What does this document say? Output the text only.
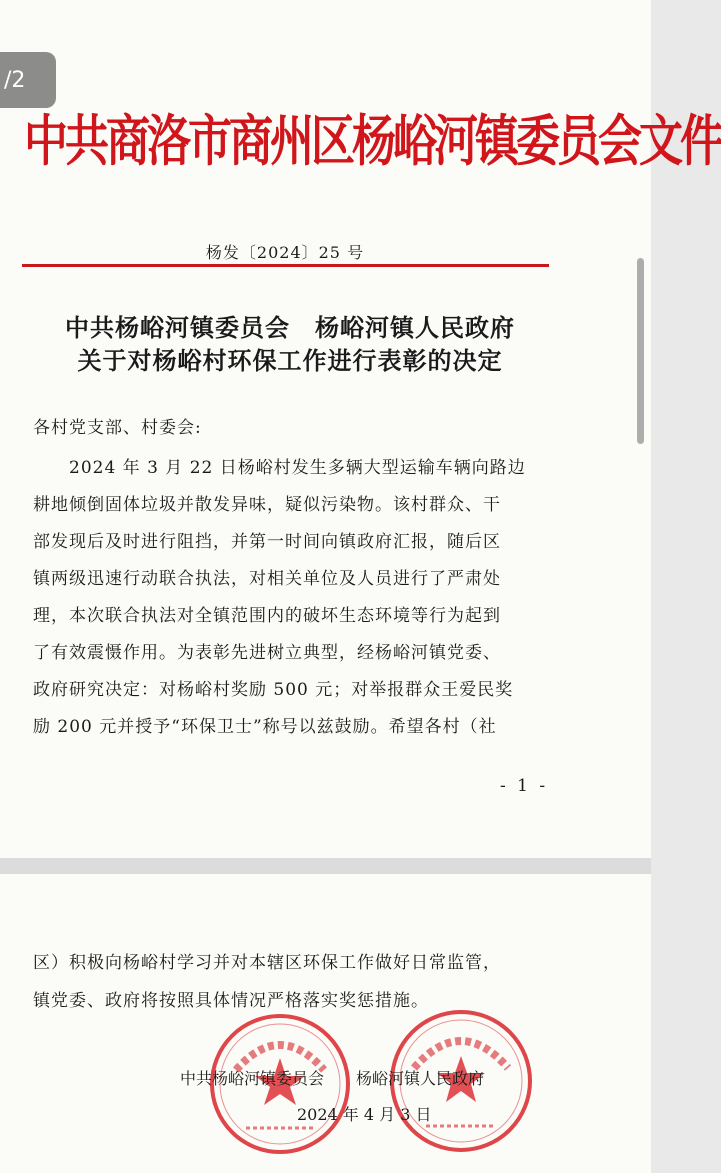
/2
中共商洛市商州区杨峪河镇委员会文件
杨发〔2024〕25 号
中共杨峪河镇委员会　杨峪河镇人民政府
关于对杨峪村环保工作进行表彰的决定
各村党支部、村委会:
　　2024 年 3 月 22 日杨峪村发生多辆大型运输车辆向路边
耕地倾倒固体垃圾并散发异味，疑似污染物。该村群众、干
部发现后及时进行阻挡，并第一时间向镇政府汇报，随后区
镇两级迅速行动联合执法，对相关单位及人员进行了严肃处
理，本次联合执法对全镇范围内的破坏生态环境等行为起到
了有效震慑作用。为表彰先进树立典型，经杨峪河镇党委、
政府研究决定：对杨峪村奖励 500 元；对举报群众王爱民奖
励 200 元并授予“环保卫士”称号以兹鼓励。希望各村（社
- 1 -
区）积极向杨峪村学习并对本辖区环保工作做好日常监管，
镇党委、政府将按照具体情况严格落实奖惩措施。
中共杨峪河镇委员会　　杨峪河镇人民政府
2024 年 4 月 3 日
